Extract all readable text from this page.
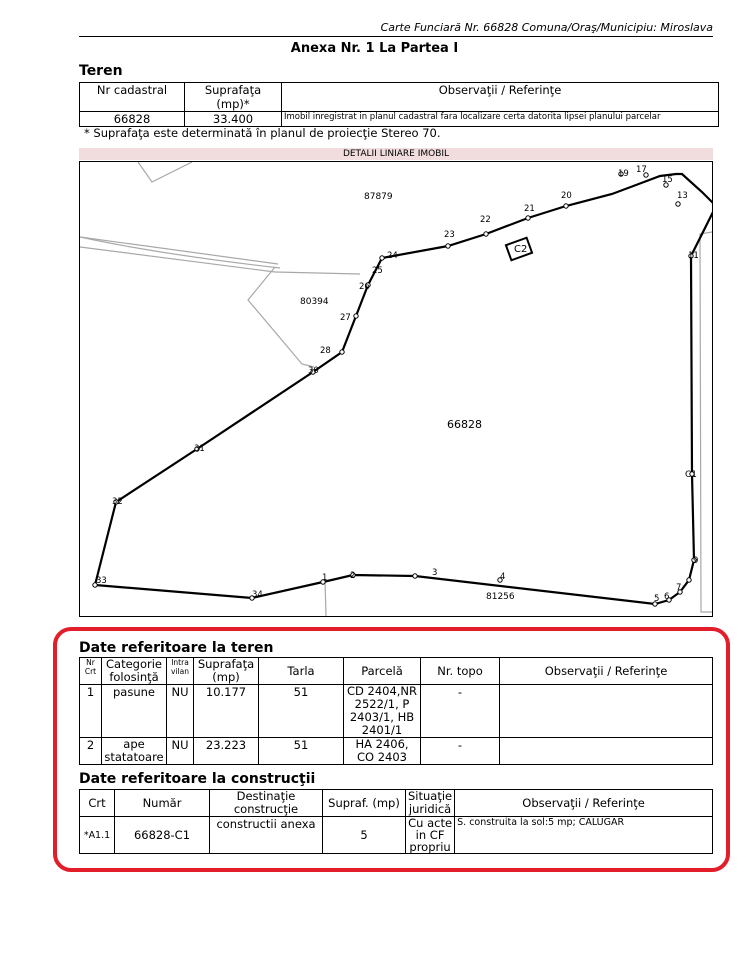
Carte Funciară Nr. 66828 Comuna/Oraş/Municipiu: Miroslava
Anexa Nr. 1 La Partea I
Teren
Nr cadastral	Suprafaţa (mp)*	Observaţii / Referinţe
66828	33.400	Imobil inregistrat in planul cadastral fara localizare certa datorita lipsei planului parcelar
* Suprafaţa este determinată în planul de proiecţie Stereo 70.
DETALII LINIARE IMOBIL
1	2	3	4
5 6
7
9
11
13
15
17
19
20
21
22
23
24
25
26
27
28
30
31
32
33
34
87879
80394
81256
C2
C1
66828
Date referitoare la teren
Nr Crt	Categorie folosinţă	Intra vilan	Suprafaţa (mp)	Tarla	Parcelă	Nr. topo	Observaţii / Referinţe
1	pasune	NU	10.177	51	CD 2404,NR 2522/1, P 2403/1, HB 2401/1	-	
2	ape statatoare	NU	23.223	51	HA 2406, CO 2403	-	
Date referitoare la construcţii
Crt	Număr	Destinaţie construcţie	Supraf. (mp)	Situaţie juridică	Observaţii / Referinţe
*A1.1	66828-C1	constructii anexa	5	Cu acte in CF propriu	S. construita la sol:5 mp; CALUGAR
